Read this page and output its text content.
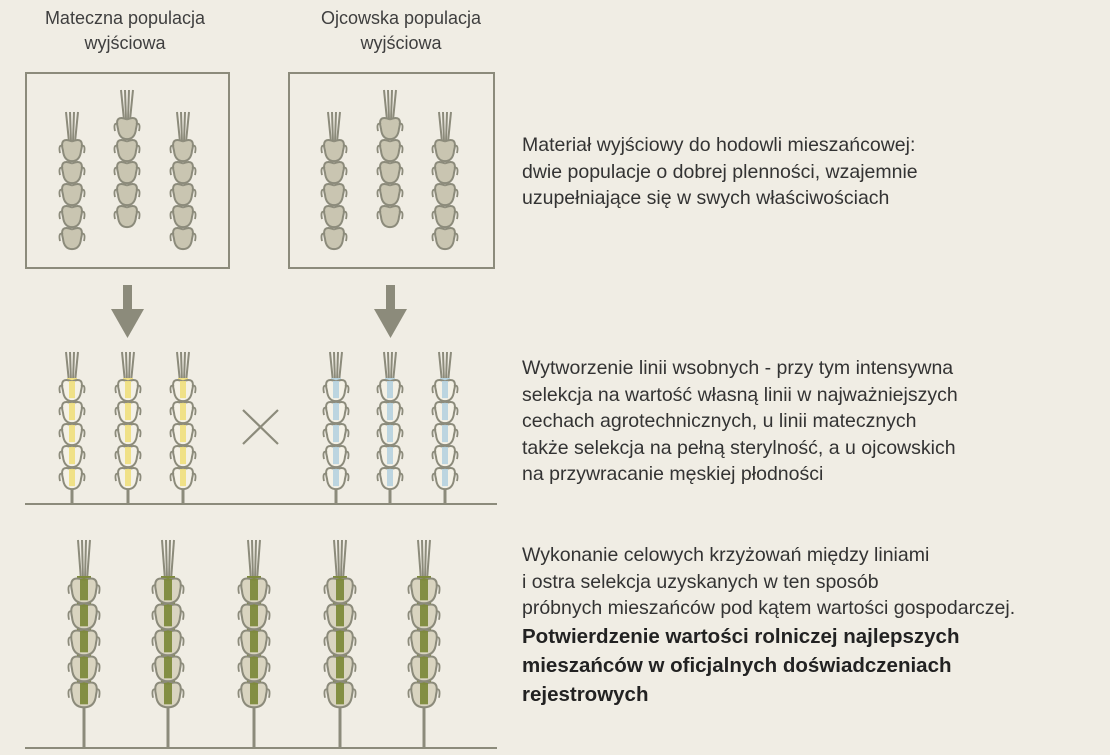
Mateczna populacja
wyjściowa
Ojcowska populacja
wyjściowa
Materiał wyjściowy do hodowli mieszańcowej:
dwie populacje o dobrej plenności, wzajemnie
uzupełniające się w swych właściwościach
Wytworzenie linii wsobnych - przy tym intensywna
selekcja na wartość własną linii w najważniejszych
cechach agrotechnicznych, u linii matecznych
także selekcja na pełną sterylność, a u ojcowskich
na przywracanie męskiej płodności
Wykonanie celowych krzyżowań między liniami
i ostra selekcja uzyskanych w ten sposób
próbnych mieszańców pod kątem wartości gospodarczej.
Potwierdzenie wartości rolniczej najlepszych
mieszańców w oficjalnych doświadczeniach
rejestrowych
